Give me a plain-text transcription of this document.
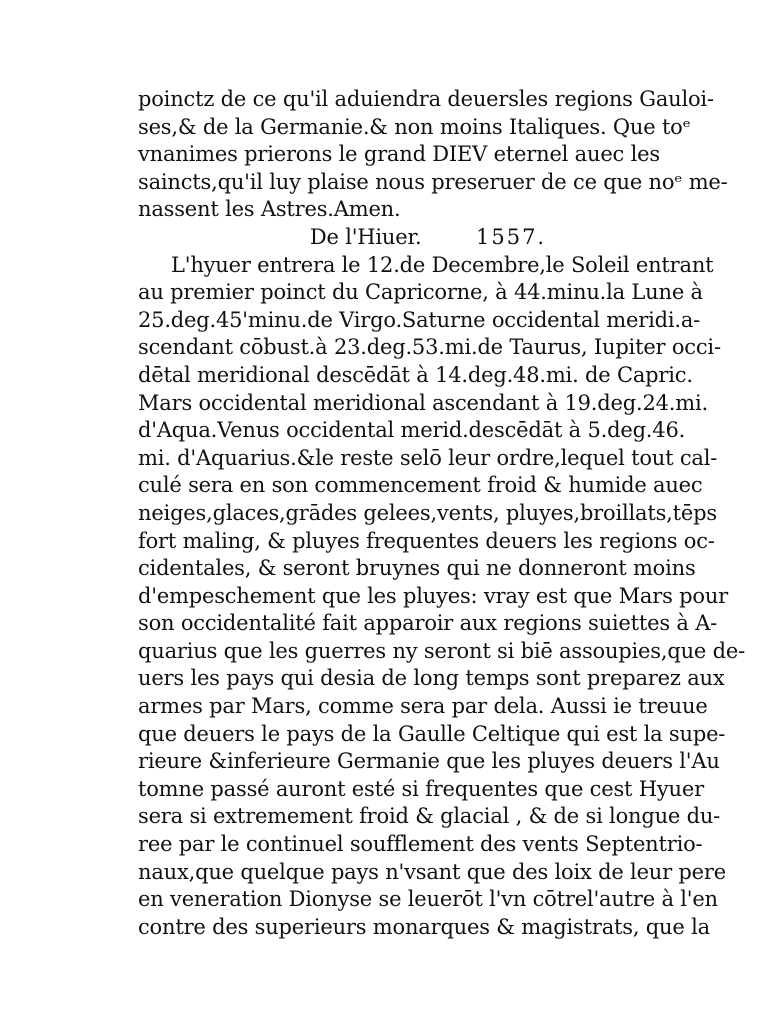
poinctz de ce qu'il aduiendra deuersles regions Gauloi-
ses,& de la Germanie.& non moins Italiques. Que toᵉ
vnanimes prierons le grand DIEV eternel auec les
saincts,qu'il luy plaise nous preseruer de ce que noᵉ me-
nassent les Astres.Amen.
De l'Hiuer.	1557.
L'hyuer entrera le 12.de Decembre,le Soleil entrant
au premier poinct du Capricorne, à 44.minu.la Lune à
25.deg.45'minu.de Virgo.Saturne occidental meridi.a-
scendant cōbust.à 23.deg.53.mi.de Taurus, Iupiter occi-
dētal meridional descēdāt à 14.deg.48.mi. de Capric.
Mars occidental meridional ascendant à 19.deg.24.mi.
d'Aqua.Venus occidental merid.descēdāt à 5.deg.46.
mi. d'Aquarius.&le reste selō leur ordre,lequel tout cal-
culé sera en son commencement froid & humide auec
neiges,glaces,grādes gelees,vents, pluyes,broillats,tēps
fort maling, & pluyes frequentes deuers les regions oc-
cidentales, & seront bruynes qui ne donneront moins
d'empeschement que les pluyes: vray est que Mars pour
son occidentalité fait apparoir aux regions suiettes à A-
quarius que les guerres ny seront si biē assoupies,que de-
uers les pays qui desia de long temps sont preparez aux
armes par Mars, comme sera par dela. Aussi ie treuue
que deuers le pays de la Gaulle Celtique qui est la supe-
rieure &inferieure Germanie que les pluyes deuers l'Au
tomne passé auront esté si frequentes que cest Hyuer
sera si extremement froid & glacial , & de si longue du-
ree par le continuel soufflement des vents Septentrio-
naux,que quelque pays n'vsant que des loix de leur pere
en veneration Dionyse se leuerōt l'vn cōtrel'autre à l'en
contre des superieurs monarques & magistrats, que la
